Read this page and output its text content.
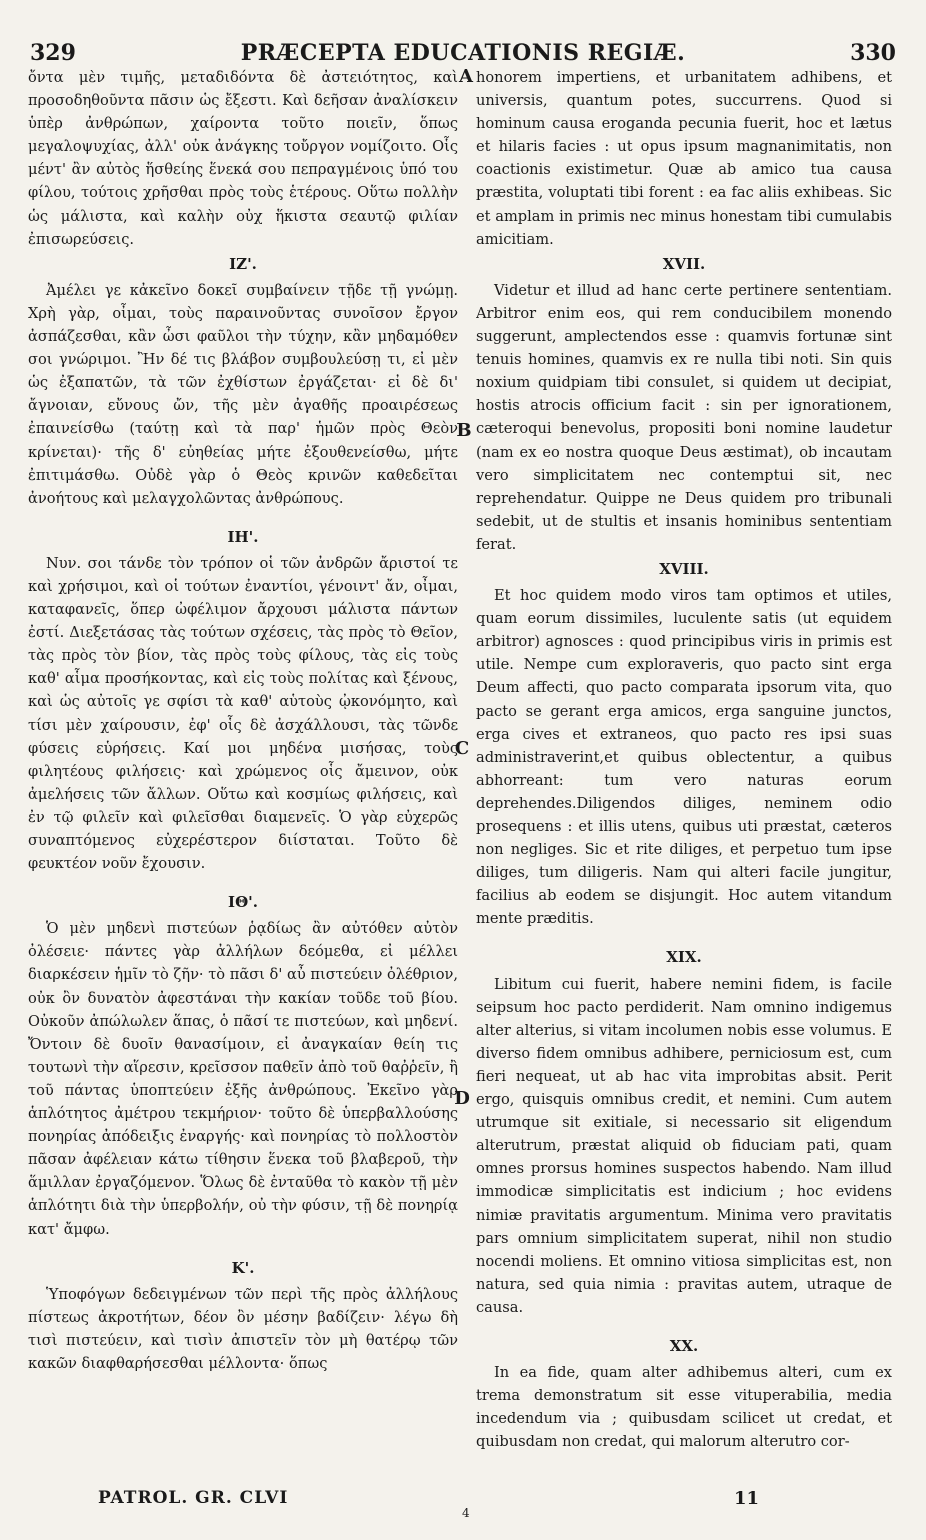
329	PRÆCEPTA EDUCATIONIS REGIÆ.	330
A
B
C
D

ὄντα μὲν τιμῆς, μεταδιδόντα δὲ ἀστειότητος, καὶ προσοδηθοῦντα πᾶσιν ὡς ἔξεστι. Καὶ δεῆσαν ἀναλίσκειν ὑπὲρ ἀνθρώπων, χαίροντα τοῦτο ποιεῖν, ὅπως μεγαλοψυχίας, ἀλλ' οὐκ ἀνάγκης τοὔργον νομίζοιτο. Οἷς μέντ' ἂν αὐτὸς ἥσθείης ἕνεκά σου πεπραγμένοις ὑπό του φίλου, τούτοις χρῆσθαι πρὸς τοὺς ἑτέρους. Οὕτω πολλὴν ὡς μάλιστα, καὶ καλὴν οὐχ ἥκιστα σεαυτῷ φιλίαν ἐπισωρεύσεις.

ΙΖ'.

Ἀμέλει γε κἀκεῖνο δοκεῖ συμβαίνειν τῇδε τῇ γνώμῃ. Χρὴ γὰρ, οἶμαι, τοὺς παραινοῦντας συνοῖσον ἔργον ἀσπάζεσθαι, κἂν ὦσι φαῦλοι τὴν τύχην, κἂν μηδαμόθεν σοι γνώριμοι. Ἢν δέ τις βλάβον συμβουλεύσῃ τι, εἰ μὲν ὡς ἐξαπατῶν, τὰ τῶν ἐχθίστων ἐργάζεται· εἰ δὲ δι' ἄγνοιαν, εὔνους ὤν, τῆς μὲν ἀγαθῆς προαιρέσεως ἐπαινείσθω (ταύτῃ καὶ τὰ παρ' ἡμῶν πρὸς Θεὸν κρίνεται)· τῆς δ' εὐηθείας μήτε ἐξουθενείσθω, μήτε ἐπιτιμάσθω. Οὐδὲ γὰρ ὁ Θεὸς κρινῶν καθεδεῖται ἀνοήτους καὶ μελαγχολῶντας ἀνθρώπους.

ΙΗ'.

Νυν. σοι τάνδε τὸν τρόπον οἱ τῶν ἀνδρῶν ἄριστοί τε καὶ χρήσιμοι, καὶ οἱ τούτων ἐναντίοι, γένοιντ' ἄν, οἶμαι, καταφανεῖς, ὅπερ ὠφέλιμον ἄρχουσι μάλιστα πάντων ἐστί. Διεξετάσας τὰς τούτων σχέσεις, τὰς πρὸς τὸ Θεῖον, τὰς πρὸς τὸν βίον, τὰς πρὸς τοὺς φίλους, τὰς εἰς τοὺς καθ' αἷμα προσήκοντας, καὶ εἰς τοὺς πολίτας καὶ ξένους, καὶ ὡς αὐτοῖς γε σφίσι τὰ καθ' αὑτοὺς ᾠκονόμητο, καὶ τίσι μὲν χαίρουσιν, ἐφ' οἷς δὲ ἀσχάλλουσι, τὰς τῶνδε φύσεις εὑρήσεις. Καί μοι μηδένα μισήσας, τοὺς φιλητέους φιλήσεις· καὶ χρώμενος οἷς ἄμεινον, οὐκ ἀμελήσεις τῶν ἄλλων. Οὕτω καὶ κοσμίως φιλήσεις, καὶ ἐν τῷ φιλεῖν καὶ φιλεῖσθαι διαμενεῖς. Ὁ γὰρ εὐχερῶς συναπτόμενος εὐχερέστερον διίσταται. Τοῦτο δὲ φευκτέον νοῦν ἔχουσιν.

ΙΘ'.

Ὁ μὲν μηδενὶ πιστεύων ῥᾳδίως ἂν αὐτόθεν αὐτὸν ὀλέσειε· πάντες γὰρ ἀλλήλων δεόμεθα, εἰ μέλλει διαρκέσειν ἡμῖν τὸ ζῆν· τὸ πᾶσι δ' αὖ πιστεύειν ὀλέθριον, οὐκ ὂν δυνατὸν ἀφεστάναι τὴν κακίαν τοῦδε τοῦ βίου. Οὐκοῦν ἀπώλωλεν ἅπας, ὁ πᾶσί τε πιστεύων, καὶ μηδενί. Ὄντοιν δὲ δυοῖν θανασίμοιν, εἰ ἀναγκαίαν θείη τις τουτωνὶ τὴν αἵρεσιν, κρεῖσσον παθεῖν ἀπὸ τοῦ θαῤῥεῖν, ἢ τοῦ πάντας ὑποπτεύειν ἐξῆς ἀνθρώπους. Ἐκεῖνο γὰρ ἁπλότητος ἀμέτρου τεκμήριον· τοῦτο δὲ ὑπερβαλλούσης πονηρίας ἀπόδειξις ἐναργής· καὶ πονηρίας τὸ πολλοστὸν πᾶσαν ἀφέλειαν κάτω τίθησιν ἕνεκα τοῦ βλαβεροῦ, τὴν ἅμιλλαν ἐργαζόμενον. Ὅλως δὲ ἐνταῦθα τὸ κακὸν τῇ μὲν ἁπλότητι διὰ τὴν ὑπερβολήν, οὐ τὴν φύσιν, τῇ δὲ πονηρίᾳ κατ' ἄμφω.

Κ'.

Ὑποφόγων δεδειγμένων τῶν περὶ τῆς πρὸς ἀλλήλους πίστεως ἀκροτήτων, δέον ὂν μέσην βαδίζειν· λέγω δὴ τισὶ πιστεύειν, καὶ τισὶν ἀπιστεῖν τὸν μὴ θατέρῳ τῶν κακῶν διαφθαρήσεσθαι μέλλοντα· ὅπως

honorem impertiens, et urbanitatem adhibens, et universis, quantum potes, succurrens. Quod si hominum causa eroganda pecunia fuerit, hoc et lætus et hilaris facies : ut opus ipsum magnanimitatis, non coactionis existimetur. Quæ ab amico tua causa præstita, voluptati tibi forent : ea fac aliis exhibeas. Sic et amplam in primis nec minus honestam tibi cumulabis amicitiam.

XVII.

Videtur et illud ad hanc certe pertinere sententiam. Arbitror enim eos, qui rem conducibilem monendo suggerunt, amplectendos esse : quamvis fortunæ sint tenuis homines, quamvis ex re nulla tibi noti. Sin quis noxium quidpiam tibi consulet, si quidem ut decipiat, hostis atrocis officium facit : sin per ignorationem, cæteroqui benevolus, propositi boni nomine laudetur (nam ex eo nostra quoque Deus æstimat), ob incautam vero simplicitatem nec contemptui sit, nec reprehendatur. Quippe ne Deus quidem pro tribunali sedebit, ut de stultis et insanis hominibus sententiam ferat.

XVIII.

Et hoc quidem modo viros tam optimos et utiles, quam eorum dissimiles, luculente satis (ut equidem arbitror) agnosces : quod principibus viris in primis est utile. Nempe cum exploraveris, quo pacto sint erga Deum affecti, quo pacto comparata ipsorum vita, quo pacto se gerant erga amicos, erga sanguine junctos, erga cives et extraneos, quo pacto res ipsi suas administraverint,et quibus oblectentur, a quibus abhorreant: tum vero naturas eorum deprehendes.Diligendos diliges, neminem odio prosequens : et illis utens, quibus uti præstat, cæteros non negliges. Sic et rite diliges, et perpetuo tum ipse diliges, tum diligeris. Nam qui alteri facile jungitur, facilius ab eodem se disjungit. Hoc autem vitandum mente præditis.

XIX.

Libitum cui fuerit, habere nemini fidem, is facile seipsum hoc pacto perdiderit. Nam omnino indigemus alter alterius, si vitam incolumen nobis esse volumus. E diverso fidem omnibus adhibere, perniciosum est, cum fieri nequeat, ut ab hac vita improbitas absit. Perit ergo, quisquis omnibus credit, et nemini. Cum autem utrumque sit exitiale, si necessario sit eligendum alterutrum, præstat aliquid ob fiduciam pati, quam omnes prorsus homines suspectos habendo. Nam illud immodicæ simplicitatis est indicium ; hoc evidens nimiæ pravitatis argumentum. Minima vero pravitatis pars omnium simplicitatem superat, nihil non studio nocendi moliens. Et omnino vitiosa simplicitas est, non natura, sed quia nimia : pravitas autem, utraque de causa.

XX.

In ea fide, quam alter adhibemus alteri, cum ex trema demonstratum sit esse vituperabilia, media incedendum via ; quibusdam scilicet ut credat, et quibusdam non credat, qui malorum alterutro cor-

PATROL. GR. CLVI
4
11
